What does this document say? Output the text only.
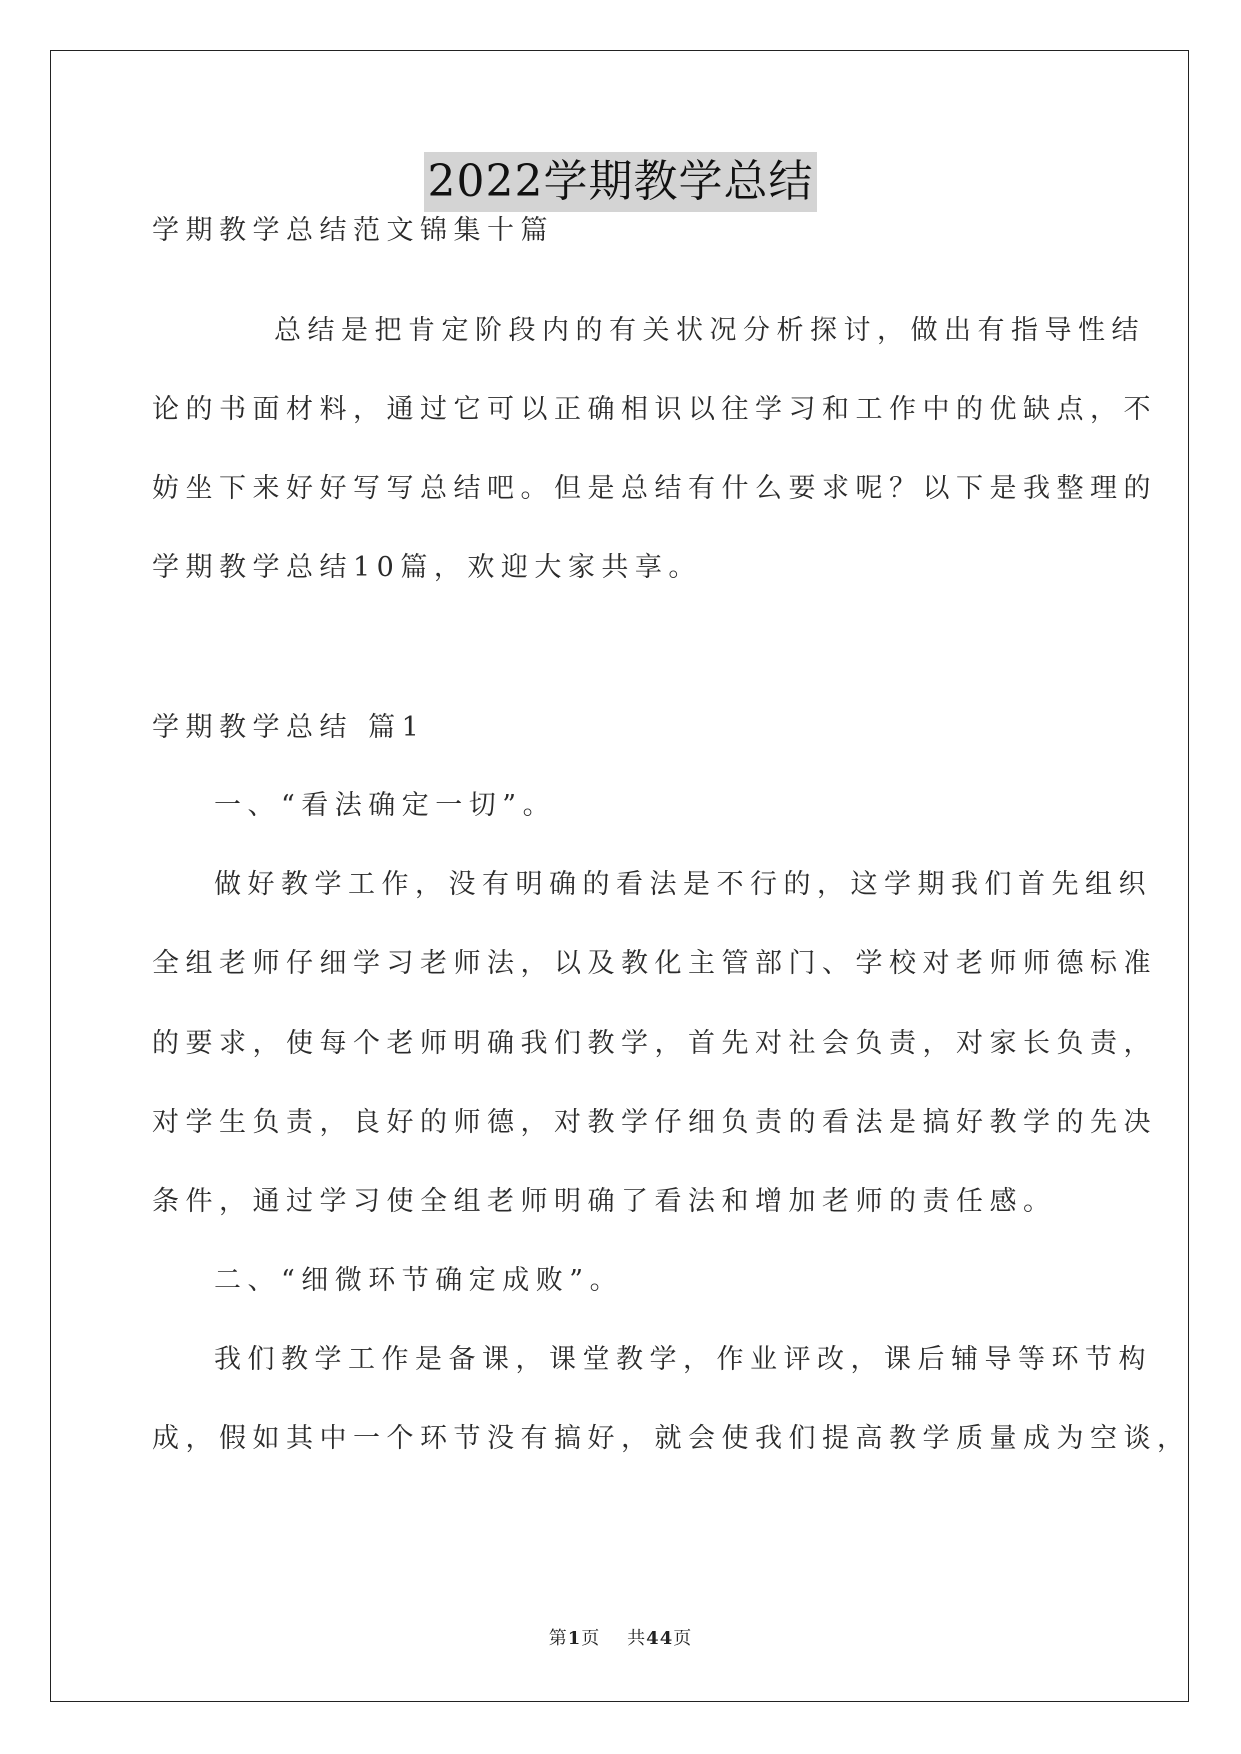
2022学期教学总结
学期教学总结范文锦集十篇
总结是把肯定阶段内的有关状况分析探讨，做出有指导性结
论的书面材料，通过它可以正确相识以往学习和工作中的优缺点，不
妨坐下来好好写写总结吧。但是总结有什么要求呢？以下是我整理的
学期教学总结10篇，欢迎大家共享。
学期教学总结 篇1
一、“看法确定一切”。
做好教学工作，没有明确的看法是不行的，这学期我们首先组织
全组老师仔细学习老师法，以及教化主管部门、学校对老师师德标准
的要求，使每个老师明确我们教学，首先对社会负责，对家长负责，
对学生负责，良好的师德，对教学仔细负责的看法是搞好教学的先决
条件，通过学习使全组老师明确了看法和增加老师的责任感。
二、“细微环节确定成败”。
我们教学工作是备课，课堂教学，作业评改，课后辅导等环节构
成，假如其中一个环节没有搞好，就会使我们提高教学质量成为空谈，
第1页    共44页
